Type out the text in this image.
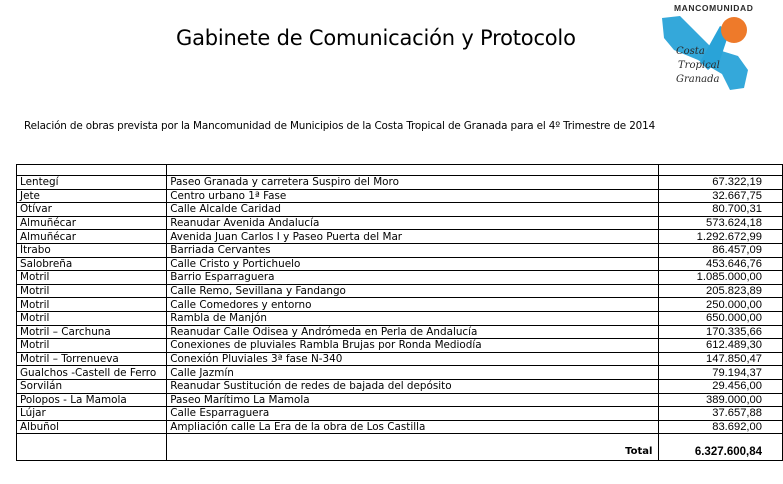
Gabinete de Comunicación y Protocolo
MANCOMUNIDAD
Costa
Tropical
Granada
Relación de obras prevista por la Mancomunidad de Municipios de la Costa Tropical de Granada para el 4º Trimestre de 2014

Lentegí	Paseo Granada y carretera Suspiro del Moro	67.322,19
Jete	Centro urbano 1ª Fase	32.667,75
Otívar	Calle Alcalde Caridad	80.700,31
Almuñécar	Reanudar Avenida Andalucía	573.624,18
Almuñécar	Avenida Juan Carlos I y Paseo Puerta del Mar	1.292.672,99
Ítrabo	Barriada Cervantes	86.457,09
Salobreña	Calle Cristo y Portichuelo	453.646,76
Motril	Barrio Esparraguera	1.085.000,00
Motril	Calle Remo, Sevillana y Fandango	205.823,89
Motril	Calle Comedores y entorno	250.000,00
Motril	Rambla de Manjón	650.000,00
Motril – Carchuna	Reanudar Calle Odisea y Andrómeda en Perla de Andalucía	170.335,66
Motril	Conexiones de pluviales Rambla Brujas por Ronda Mediodía	612.489,30
Motril – Torrenueva	Conexión Pluviales 3ª fase N-340	147.850,47
Gualchos -Castell de Ferro	Calle Jazmín	79.194,37
Sorvilán	Reanudar Sustitución de redes de bajada del depósito	29.456,00
Polopos - La Mamola	Paseo Marítimo La Mamola	389.000,00
Lújar	Calle Esparraguera	37.657,88
Albuñol	Ampliación calle La Era de la obra de Los Castilla	83.692,00
	Total	6.327.600,84
